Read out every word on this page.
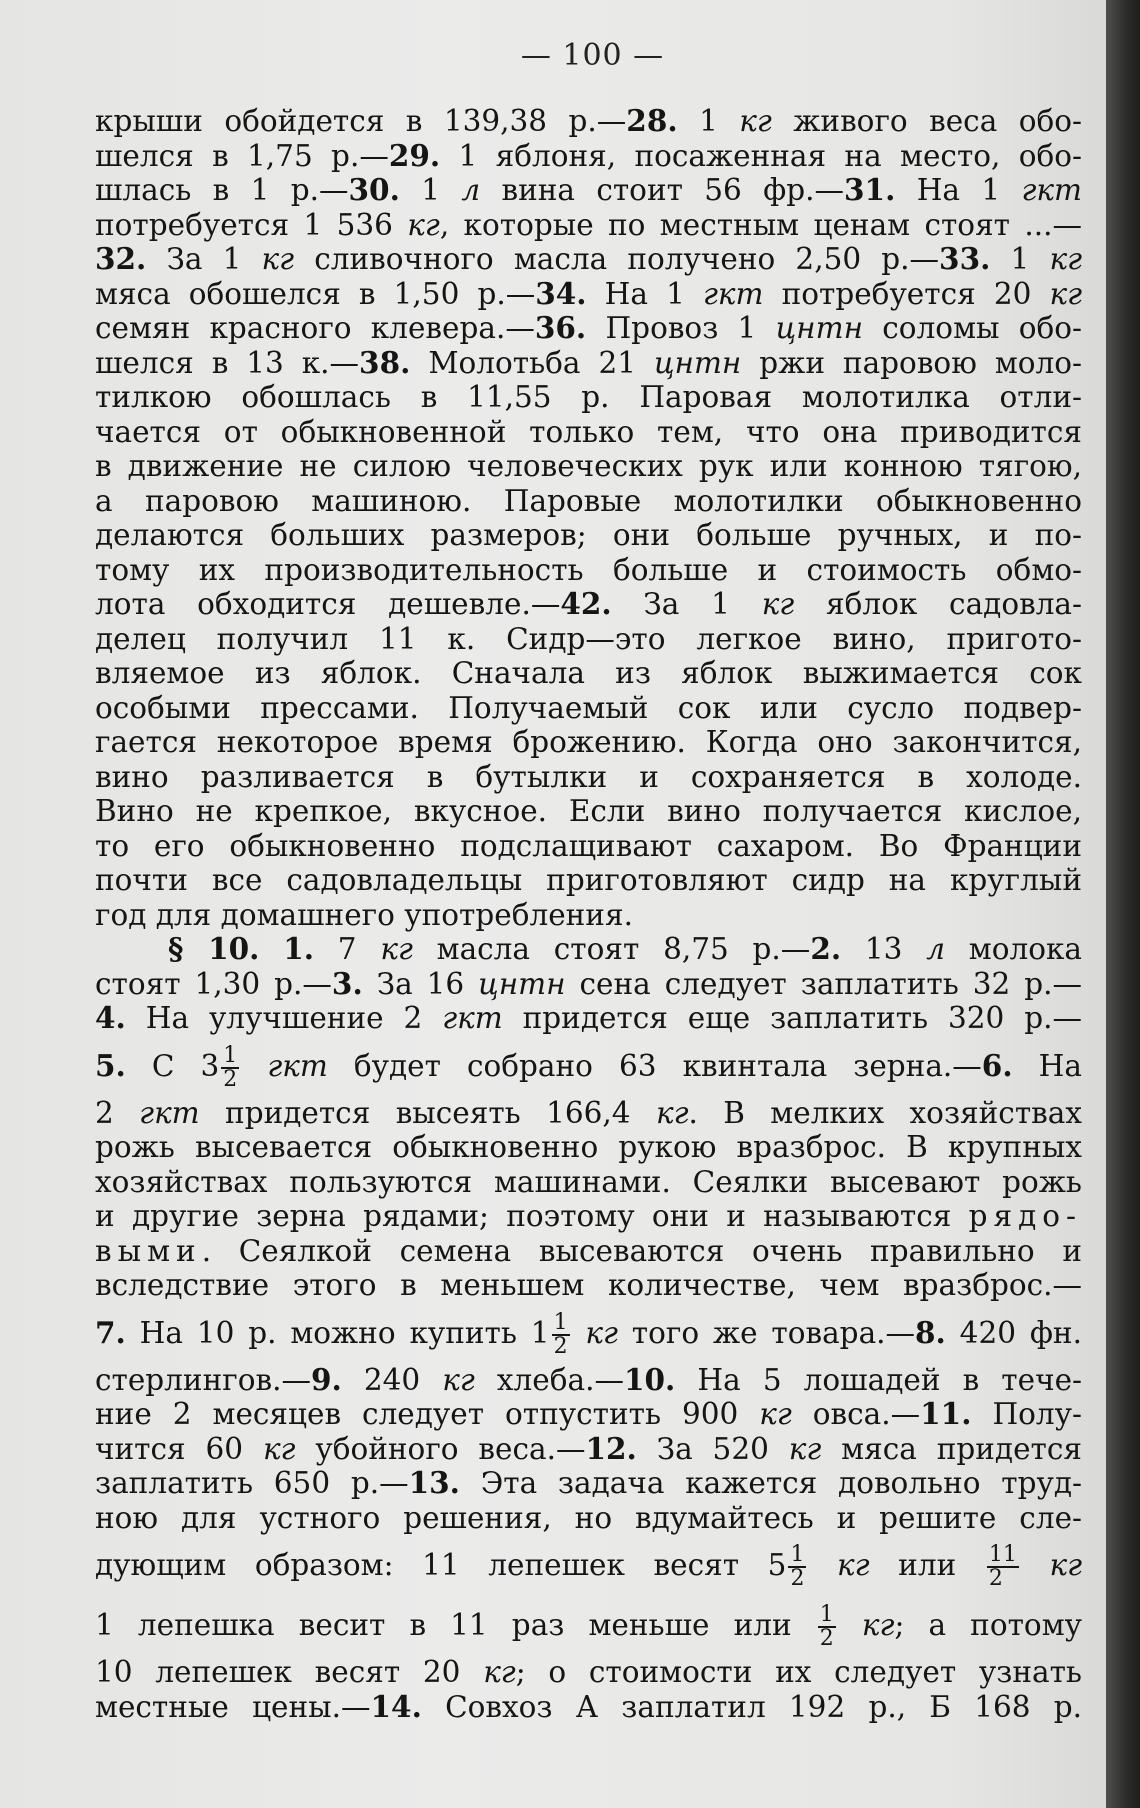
— 100 —
крыши обойдется в 139,38 р.—28. 1 кг живого веса обо-
шелся в 1,75 р.—29. 1 яблоня, посаженная на место, обо-
шлась в 1 р.—30. 1 л вина стоит 56 фр.—31. На 1 гкт
потребуется 1 536 кг, которые по местным ценам стоят ...—
32. За 1 кг сливочного масла получено 2,50 р.—33. 1 кг
мяса обошелся в 1,50 р.—34. На 1 гкт потребуется 20 кг
семян красного клевера.—36. Провоз 1 цнтн соломы обо-
шелся в 13 к.—38. Молотьба 21 цнтн ржи паровою моло-
тилкою обошлась в 11,55 р. Паровая молотилка отли-
чается от обыкновенной только тем, что она приводится
в движение не силою человеческих рук или конною тягою,
а паровою машиною. Паровые молотилки обыкновенно
делаются больших размеров; они больше ручных, и по-
тому их производительность больше и стоимость обмо-
лота обходится дешевле.—42. За 1 кг яблок садовла-
делец получил 11 к. Сидр—это легкое вино, пригото-
вляемое из яблок. Сначала из яблок выжимается сок
особыми прессами. Получаемый сок или сусло подвер-
гается некоторое время брожению. Когда оно закончится,
вино разливается в бутылки и сохраняется в холоде.
Вино не крепкое, вкусное. Если вино получается кислое,
то его обыкновенно подслащивают сахаром. Во Франции
почти все садовладельцы приготовляют сидр на круглый
год для домашнего употребления.
§ 10. 1. 7 кг масла стоят 8,75 р.—2. 13 л молока
стоят 1,30 р.—3. За 16 цнтн сена следует заплатить 32 р.—
4. На улучшение 2 гкт придется еще заплатить 320 р.—
5. С $3 \frac{1}{2}$ гкт будет собрано 63 квинтала зерна.—6. На
2 гкт придется высеять 166,4 кг. В мелких хозяйствах
рожь высевается обыкновенно рукою вразброс. В крупных
хозяйствах пользуются машинами. Сеялки высевают рожь
и другие зерна рядами; поэтому они и называются рядо-
выми. Сеялкой семена высеваются очень правильно и
вследствие этого в меньшем количестве, чем вразброс.—
7. На 10 р. можно купить $1 \frac{1}{2}$ кг того же товара.—8. 420 фн.
стерлингов.—9. 240 кг хлеба.—10. На 5 лошадей в тече-
ние 2 месяцев следует отпустить 900 кг овса.—11. Полу-
чится 60 кг убойного веса.—12. За 520 кг мяса придется
заплатить 650 р.—13. Эта задача кажется довольно труд-
ною для устного решения, но вдумайтесь и решите сле-
дующим образом: 11 лепешек весят $5 \frac{1}{2}$ кг или $\frac{11}{2}$ кг
1 лепешка весит в 11 раз меньше или $\frac{1}{2}$ кг; а потому
10 лепешек весят 20 кг; о стоимости их следует узнать
местные цены.—14. Совхоз А заплатил 192 р., Б 168 р.
